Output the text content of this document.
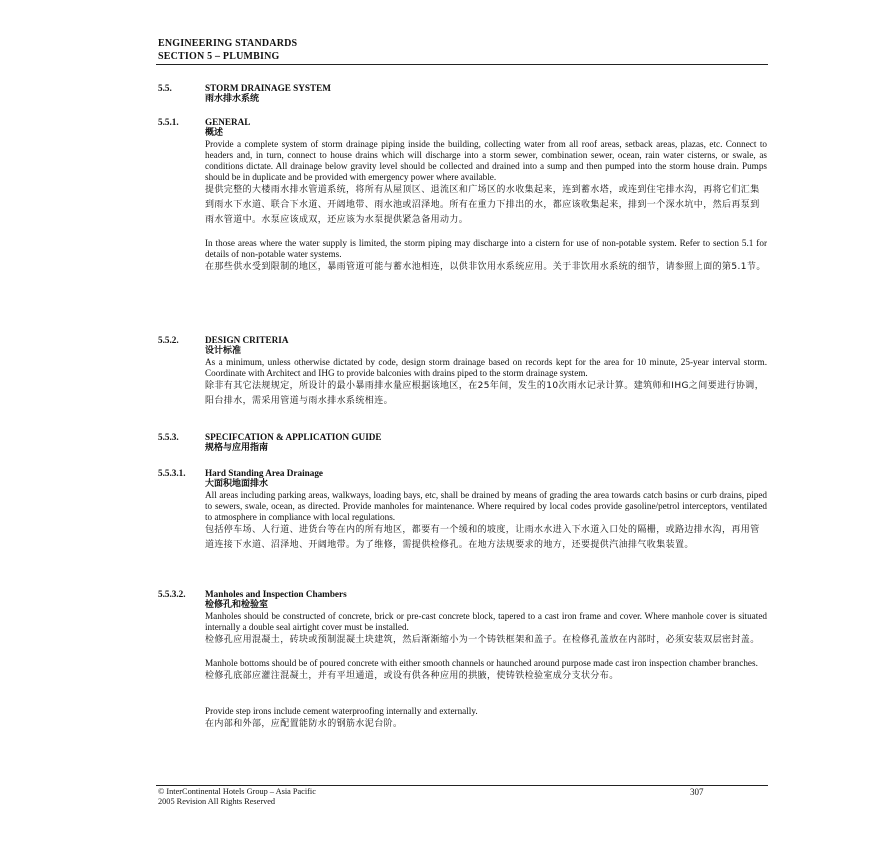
ENGINEERING STANDARDS
SECTION 5 – PLUMBING
5.5.	STORM DRAINAGE SYSTEM
雨水排水系统
5.5.1.	GENERAL
概述

Provide a complete system of storm drainage piping inside the building, collecting water from all roof areas, setback areas, plazas, etc. Connect to headers and, in turn, connect to house drains which will discharge into a storm sewer, combination sewer, ocean, rain water cisterns, or swale, as conditions dictate. All drainage below gravity level should be collected and drained into a sump and then pumped into the storm house drain. Pumps should be in duplicate and be provided with emergency power where available.

提供完整的大楼雨水排水管道系统，将所有从屋顶区、退流区和广场区的水收集起来，连到蓄水塔，或连到住宅排水沟，再将它们汇集到雨水下水道、联合下水道、开阔地带、雨水池或沼泽地。所有在重力下排出的水，都应该收集起来，排到一个深水坑中，然后再泵到雨水管道中。水泵应该成双，还应该为水泵提供紧急备用动力。

In those areas where the water supply is limited, the storm piping may discharge into a cistern for use of non-potable system. Refer to section 5.1 for details of non-potable water systems.

在那些供水受到限制的地区，暴雨管道可能与蓄水池相连，以供非饮用水系统应用。关于非饮用水系统的细节，请参照上面的第5.1节。

5.5.2.	DESIGN CRITERIA
设计标准

As a minimum, unless otherwise dictated by code, design storm drainage based on records kept for the area for 10 minute, 25-year interval storm. Coordinate with Architect and IHG to provide balconies with drains piped to the storm drainage system.

除非有其它法规规定，所设计的最小暴雨排水量应根据该地区，在25年间，发生的10次雨水记录计算。建筑师和IHG之间要进行协调，阳台排水，需采用管道与雨水排水系统相连。

5.5.3.	SPECIFCATION & APPLICATION GUIDE
规格与应用指南
5.5.3.1. Hard Standing Area Drainage
大面积地面排水

All areas including parking areas, walkways, loading bays, etc, shall be drained by means of grading the area towards catch basins or curb drains, piped to sewers, swale, ocean, as directed. Provide manholes for maintenance. Where required by local codes provide gasoline/petrol interceptors, ventilated to atmosphere in compliance with local regulations.

包括停车场、人行道、进货台等在内的所有地区，都要有一个缓和的坡度，让雨水水进入下水道入口处的隔栅，或路边排水沟，再用管道连接下水道、沼泽地、开阔地带。为了维修，需提供检修孔。在地方法规要求的地方，还要提供汽油排气收集装置。

5.5.3.2. Manholes and Inspection Chambers
检修孔和检验室

Manholes should be constructed of concrete, brick or pre-cast concrete block, tapered to a cast iron frame and cover. Where manhole cover is situated internally a double seal airtight cover must be installed.

检修孔应用混凝土，砖块或预制混凝土块建筑，然后渐渐缩小为一个铸铁框架和盖子。在检修孔盖放在内部时，必须安装双层密封盖。

Manhole bottoms should be of poured concrete with either smooth channels or haunched around purpose made cast iron inspection chamber branches.

检修孔底部应灌注混凝土，并有平坦通道，或设有供各种应用的拱腋，使铸铁检验室成分支状分布。

Provide step irons include cement waterproofing internally and externally.

在内部和外部，应配置能防水的钢筋水泥台阶。

© InterContinental Hotels Group – Asia Pacific
2005 Revision All Rights Reserved
307
